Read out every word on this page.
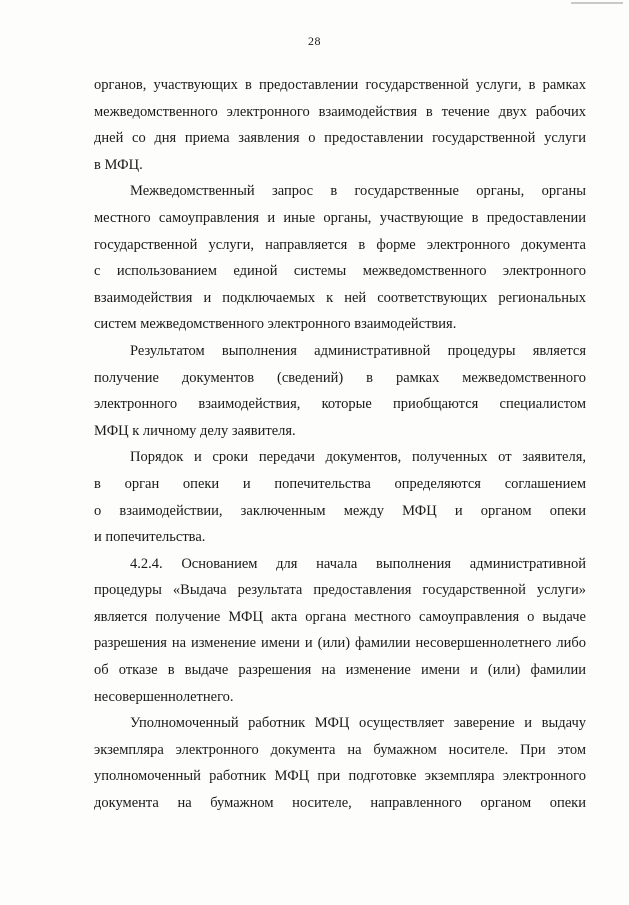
28

органов, участвующих в предоставлении государственной услуги, в рамках
межведомственного электронного взаимодействия в течение двух рабочих
дней со дня приема заявления о предоставлении государственной услуги
в МФЦ.

Межведомственный запрос в государственные органы, органы
местного самоуправления и иные органы, участвующие в предоставлении
государственной услуги, направляется в форме электронного документа
с использованием единой системы межведомственного электронного
взаимодействия и подключаемых к ней соответствующих региональных
систем межведомственного электронного взаимодействия.

Результатом выполнения административной процедуры является
получение документов (сведений) в рамках межведомственного
электронного взаимодействия, которые приобщаются специалистом
МФЦ к личному делу заявителя.

Порядок и сроки передачи документов, полученных от заявителя,
в орган опеки и попечительства определяются соглашением
о взаимодействии, заключенным между МФЦ и органом опеки
и попечительства.

4.2.4. Основанием для начала выполнения административной
процедуры «Выдача результата предоставления государственной услуги»
является получение МФЦ акта органа местного самоуправления о выдаче
разрешения на изменение имени и (или) фамилии несовершеннолетнего либо
об отказе в выдаче разрешения на изменение имени и (или) фамилии
несовершеннолетнего.

Уполномоченный работник МФЦ осуществляет заверение и выдачу
экземпляра электронного документа на бумажном носителе. При этом
уполномоченный работник МФЦ при подготовке экземпляра электронного
документа на бумажном носителе, направленного органом опеки
